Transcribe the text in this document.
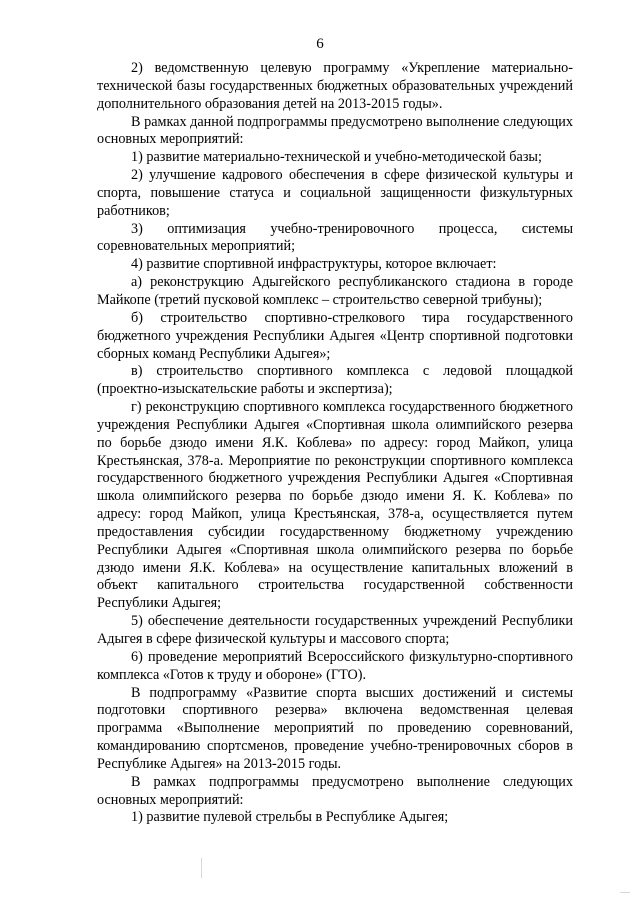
6

2) ведомственную целевую программу «Укрепление материально-технической базы государственных бюджетных образовательных учреждений дополнительного образования детей на 2013-2015 годы».

В рамках данной подпрограммы предусмотрено выполнение следующих основных мероприятий:

1) развитие материально-технической и учебно-методической базы;

2) улучшение кадрового обеспечения в сфере физической культуры и спорта, повышение статуса и социальной защищенности физкультурных работников;

3) оптимизация учебно-тренировочного процесса, системы соревновательных мероприятий;

4) развитие спортивной инфраструктуры, которое включает:

а) реконструкцию Адыгейского республиканского стадиона в городе Майкопе (третий пусковой комплекс – строительство северной трибуны);

б) строительство спортивно-стрелкового тира государственного бюджетного учреждения Республики Адыгея «Центр спортивной подготовки сборных команд Республики Адыгея»;

в) строительство спортивного комплекса с ледовой площадкой (проектно-изыскательские работы и экспертиза);

г) реконструкцию спортивного комплекса государственного бюджетного учреждения Республики Адыгея «Спортивная школа олимпийского резерва по борьбе дзюдо имени Я.К. Коблева» по адресу: город Майкоп, улица Крестьянская, 378-а. Мероприятие по реконструкции спортивного комплекса государственного бюджетного учреждения Республики Адыгея «Спортивная школа олимпийского резерва по борьбе дзюдо имени Я. К. Коблева» по адресу: город Майкоп, улица Крестьянская, 378-а, осуществляется путем предоставления субсидии государственному бюджетному учреждению Республики Адыгея «Спортивная школа олимпийского резерва по борьбе дзюдо имени Я.К. Коблева» на осуществление капитальных вложений в объект капитального строительства государственной собственности Республики Адыгея;

5) обеспечение деятельности государственных учреждений Республики Адыгея в сфере физической культуры и массового спорта;

6) проведение мероприятий Всероссийского физкультурно-спортивного комплекса «Готов к труду и обороне» (ГТО).

В подпрограмму «Развитие спорта высших достижений и системы подготовки спортивного резерва» включена ведомственная целевая программа «Выполнение мероприятий по проведению соревнований, командированию спортсменов, проведение учебно-тренировочных сборов в Республике Адыгея» на 2013-2015 годы.

В рамках подпрограммы предусмотрено выполнение следующих основных мероприятий:

1) развитие пулевой стрельбы в Республике Адыгея;
